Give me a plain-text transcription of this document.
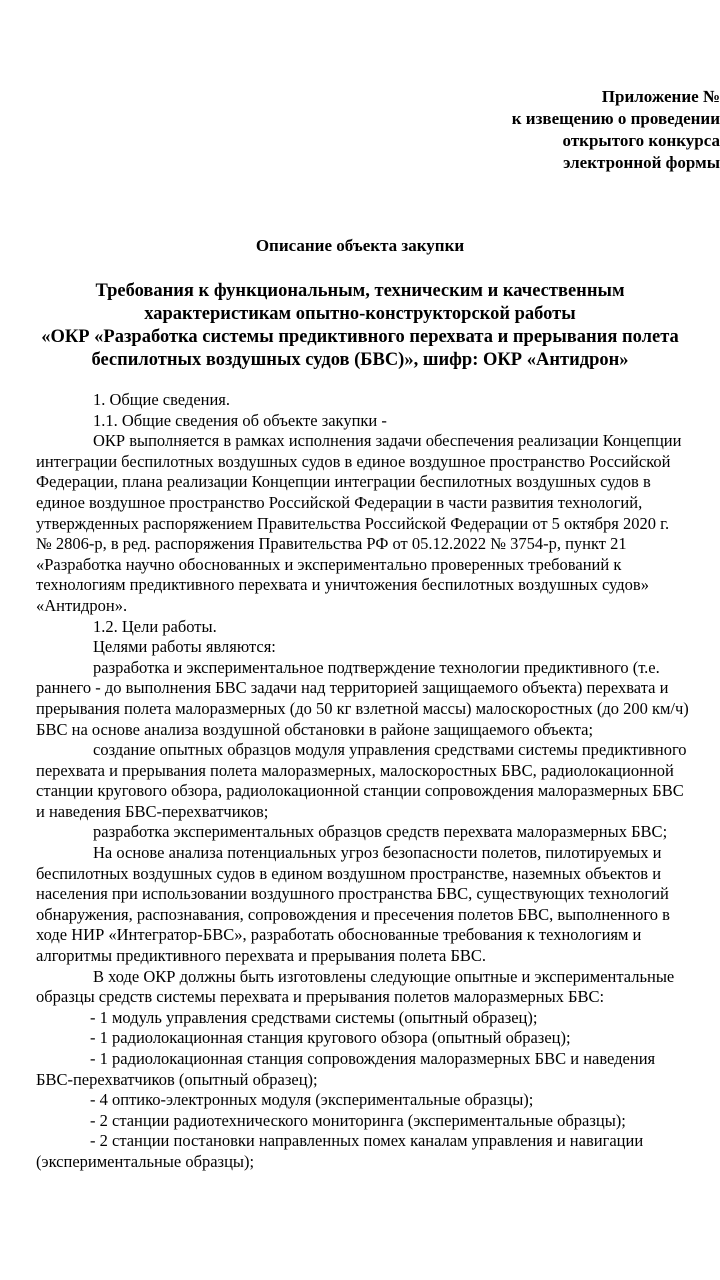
Приложение №
к извещению о проведении
открытого конкурса
электронной формы
Описание объекта закупки
Требования к функциональным, техническим и качественным
характеристикам опытно-конструкторской работы
«ОКР «Разработка системы предиктивного перехвата и прерывания полета
беспилотных воздушных судов (БВС)», шифр: ОКР «Антидрон»

1. Общие сведения.

1.1. Общие сведения об объекте закупки -

ОКР выполняется в рамках исполнения задачи обеспечения реализации Концепции

интеграции беспилотных воздушных судов в единое воздушное пространство Российской

Федерации, плана реализации Концепции интеграции беспилотных воздушных судов в

единое воздушное пространство Российской Федерации в части развития технологий,

утвержденных распоряжением Правительства Российской Федерации от 5 октября 2020 г.

№ 2806-р, в ред. распоряжения Правительства РФ от 05.12.2022 № 3754-р, пункт 21

«Разработка научно обоснованных и экспериментально проверенных требований к

технологиям предиктивного перехвата и уничтожения беспилотных воздушных судов»

«Антидрон».

1.2. Цели работы.

Целями работы являются:

разработка и экспериментальное подтверждение технологии предиктивного (т.е.

раннего - до выполнения БВС задачи над территорией защищаемого объекта) перехвата и

прерывания полета малоразмерных (до 50 кг взлетной массы) малоскоростных (до 200 км/ч)

БВС на основе анализа воздушной обстановки в районе защищаемого объекта;

создание опытных образцов модуля управления средствами системы предиктивного

перехвата и прерывания полета малоразмерных, малоскоростных БВС, радиолокационной

станции кругового обзора, радиолокационной станции сопровождения малоразмерных БВС

и наведения БВС-перехватчиков;

разработка экспериментальных образцов средств перехвата малоразмерных БВС;

На основе анализа потенциальных угроз безопасности полетов, пилотируемых и

беспилотных воздушных судов в едином воздушном пространстве, наземных объектов и

населения при использовании воздушного пространства БВС, существующих технологий

обнаружения, распознавания, сопровождения и пресечения полетов БВС, выполненного в

ходе НИР «Интегратор-БВС», разработать обоснованные требования к технологиям и

алгоритмы предиктивного перехвата и прерывания полета БВС.

В ходе ОКР должны быть изготовлены следующие опытные и экспериментальные

образцы средств системы перехвата и прерывания полетов малоразмерных БВС:

- 1 модуль управления средствами системы (опытный образец);

- 1 радиолокационная станция кругового обзора (опытный образец);

- 1 радиолокационная станция сопровождения малоразмерных БВС и наведения

БВС-перехватчиков (опытный образец);

- 4 оптико-электронных модуля (экспериментальные образцы);

- 2 станции радиотехнического мониторинга (экспериментальные образцы);

- 2 станции постановки направленных помех каналам управления и навигации

(экспериментальные образцы);
